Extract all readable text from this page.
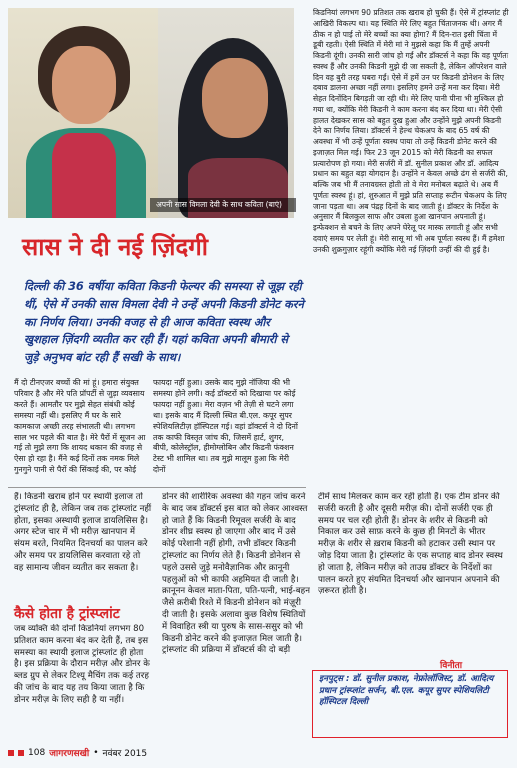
अपनी सास विमला देवी के साथ कविता (बाएं)
सास ने दी नई ज़िंदगी
दिल्ली की 36 वर्षीया कविता किडनी फेल्यर की समस्या से जूझ रही थीं, ऐसे में उनकी सास विमला देवी ने उन्हें अपनी किडनी डोनेट करने का निर्णय लिया। उनकी वजह से ही आज कविता स्वस्थ और खुशहाल ज़िंदगी व्यतीत कर रही हैं। यहां कविता अपनी बीमारी से जुड़े अनुभव बांट रही हैं सखी के साथ।
मैं दो टीनएजर बच्चों की मां हूं। हमारा संयुक्त परिवार है और मेरे पति प्रॉपर्टी से जुड़ा व्यवसाय करते हैं। आमतौर पर मुझे सेहत संबंधी कोई समस्या नहीं थी। इसलिए मैं घर के सारे कामकाज अच्छी तरह संभालती थी। लगभग साल भर पहले की बात है। मेरे पैरों में सूजन आ गई तो मुझे लगा कि शायद थकान की वजह से ऐसा हो रहा है। मैंने कई दिनों तक नमक मिले गुनगुने पानी से पैरों की सिंकाई की, पर कोई
फायदा नहीं हुआ। उसके बाद मुझे नॉजिया की भी समस्या होने लगी। कई डॉक्टरों को दिखाया पर कोई फायदा नहीं हुआ। मेरा वज़न भी तेज़ी से घटने लगा था। इसके बाद मैं दिल्ली स्थित बी.एल. कपूर सुपर स्पेशियलिटीज़ हॉस्पिटल गई। वहां डॉक्टर्स ने दो दिनों तक काफी विस्तृत जांच की, जिसमें हार्ट, शुगर, बीपी, कोलेस्ट्रॉल, हीमोग्लोबिन और किडनी फंक्शन टेस्ट भी शामिल था। तब मुझे मालूम हुआ कि मेरी दोनों
किडनियां लगभग 90 प्रतिशत तक खराब हो चुकी हैं। ऐसे में ट्रांस्प्लांट ही आखिरी विकल्प था। यह स्थिति मेरे लिए बहुत चिंताजनक थी। अगर मैं ठीक न हो पाई तो मेरे बच्चों का क्या होगा? मैं दिन-रात इसी चिंता में डूबी रहती। ऐसी स्थिति में मेरी मां ने मुझसे कहा कि मैं तुम्हें अपनी किडनी दूंगी। उनकी सारी जांच हो गईं और डॉक्टर्स ने कहा कि वह पूर्णतः स्वस्थ हैं और उनकी किडनी मुझे दी जा सकती है, लेकिन ऑपरेशन वाले दिन वह बुरी तरह घबरा गईं। ऐसे में हमें उन पर किडनी डोनेशन के लिए दबाव डालना अच्छा नहीं लगा। इसलिए हमने उन्हें मना कर दिया। मेरी सेहत दिनोंदिन बिगड़ती जा रही थी। मेरे लिए पानी पीना भी मुश्किल हो गया था, क्योंकि मेरी किडनी ने काम करना बंद कर दिया था। मेरी ऐसी हालत देखकर सास को बहुत दुख हुआ और उन्होंने मुझे अपनी किडनी देने का निर्णय लिया। डॉक्टर्स ने हेल्थ चेकअप के बाद 65 वर्ष की अवस्था में भी उन्हें पूर्णतः स्वस्थ पाया तो उन्हें किडनी डोनेट करने की इजाज़त मिल गई। फिर 23 जून 2015 को मेरी किडनी का सफल प्रत्यारोपण हो गया। मेरी सर्जरी में डॉ. सुनील प्रकाश और डॉ. आदित्य प्रधान का बहुत बड़ा योगदान है। उन्होंने न केवल अच्छे ढंग से सर्जरी की, बल्कि जब भी मैं तनावग्रस्त होती तो वे मेरा मनोबल बढ़ाते थे। अब मैं पूर्णतः स्वस्थ हूं। हां, शुरुआत में मुझे प्रति सप्ताह रूटीन चेकअप के लिए जाना पड़ता था। अब पंद्रह दिनों के बाद जाती हूं। डॉक्टर के निर्देश के अनुसार मैं बिलकुल साफ और उबला हुआ खानपान अपनाती हूं। इन्फेक्शन से बचने के लिए अपने घेरेलू पर मास्क लगाती हूं और सभी दवाएं समय पर लेती हूं। मेरी सासू मां भी अब पूर्णतः स्वस्थ हैं। मैं हमेशा उनकी शुक्रगुज़ार रहूंगी क्योंकि मेरी नई ज़िंदगी उन्हीं की दी हुई है।
हैं। किडनी खराब होने पर स्थायी इलाज तो ट्रांस्प्लांट ही है, लेकिन जब तक ट्रांस्प्लांट नहीं होता, इसका अस्थायी इलाज डायलिसिस है। अगर स्टेज चार में भी मरीज़ खानपान में संयम बरते, नियमित दिनचर्या का पालन करे और समय पर डायलिसिस करवाता रहे तो वह सामान्य जीवन व्यतीत कर सकता है।
कैसे होता है ट्रांस्प्लांट
जब व्यक्ति की दोनों किडनियां लगभग 80 प्रतिशत काम करना बंद कर देती हैं, तब इस समस्या का स्थायी इलाज ट्रांस्प्लांट ही होता है। इस प्रक्रिया के दौरान मरीज़ और डोनर के ब्लड ग्रुप से लेकर टिश्यू मैचिंग तक कई तरह की जांच के बाद यह तय किया जाता है कि डोनर मरीज़ के लिए सही है या नहीं।
डोनर की शारीरिक अवस्था की गहन जांच करने के बाद जब डॉक्टर्स इस बात को लेकर आश्वस्त हो जाते हैं कि किडनी रिमूवल सर्जरी के बाद डोनर शीघ्र स्वस्थ हो जाएगा और बाद में उसे कोई परेशानी नहीं होगी, तभी डॉक्टर किडनी ट्रांस्प्लांट का निर्णय लेते हैं। किडनी डोनेशन से पहले उससे जुड़े मनोवैज्ञानिक और क़ानूनी पहलुओं को भी काफी अहमियत दी जाती है। क़ानूनन केवल माता-पिता, पति-पत्नी, भाई-बहन जैसे क़रीबी रिश्ते में किडनी डोनेशन को मंज़ूरी दी जाती है। इसके अलावा कुछ विशेष स्थितियों में विवाहित स्त्री या पुरुष के सास-ससुर को भी किडनी डोनेट करने की इजाज़त मिल जाती है। ट्रांस्प्लांट की प्रक्रिया में डॉक्टर्स की दो बड़ी
टीमें साथ मिलकर काम कर रही होती हैं। एक टीम डोनर की सर्जरी करती है और दूसरी मरीज़ की। दोनों सर्जरी एक ही समय पर चल रही होती हैं। डोनर के शरीर से किडनी को निकाल कर उसे साफ़ करने के कुछ ही मिनटों के भीतर मरीज़ के शरीर से ख़राब किडनी को हटाकर उसी स्थान पर जोड़ दिया जाता है। ट्रांस्प्लांट के एक सप्ताह बाद डोनर स्वस्थ हो जाता है, लेकिन मरीज़ को ताउम्र डॉक्टर के निर्देशों का पालन करते हुए संयमित दिनचर्या और खानपान अपनाने की ज़रूरत होती है।
विनीता
इनपुट्स : डॉ. सुनील प्रकाश, नेफ्रोलॉजिस्ट, डॉ. आदित्य प्रधान ट्रांस्प्लांट सर्जन, बी.एल. कपूर सुपर स्पेशियलिटी हॉस्पिटल दिल्ली
108 जागरणसखी • नवंबर 2015
